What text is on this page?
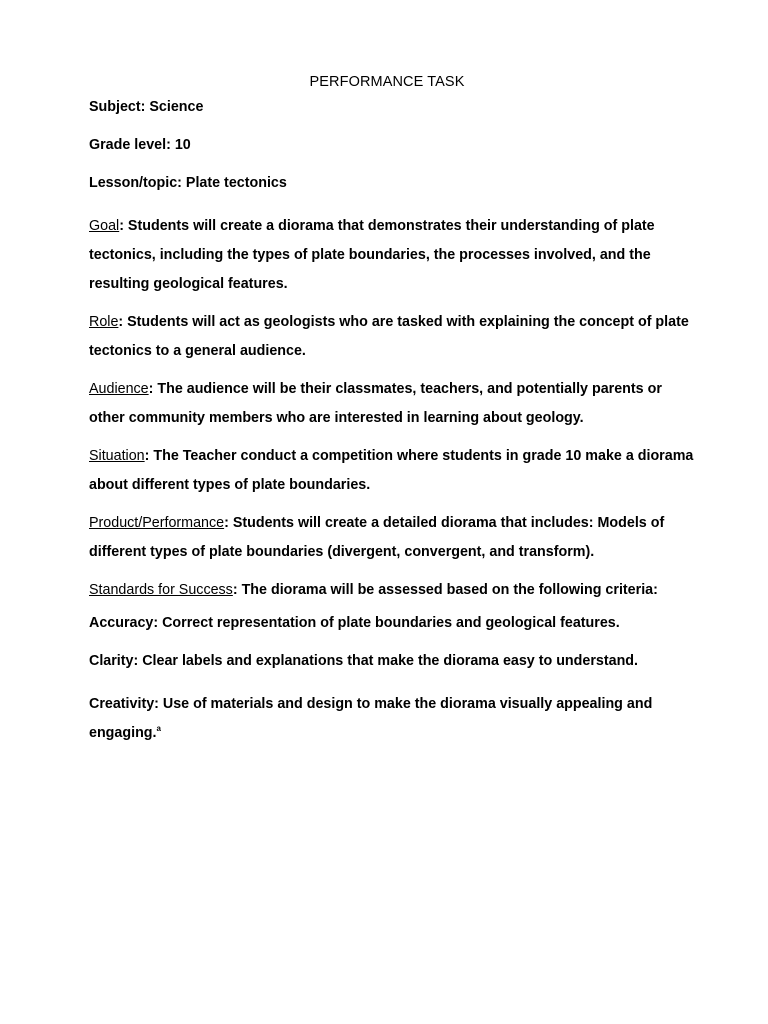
PERFORMANCE TASK
Subject: Science
Grade level: 10
Lesson/topic: Plate tectonics
Goal: Students will create a diorama that demonstrates their understanding of plate tectonics, including the types of plate boundaries, the processes involved, and the resulting geological features.
Role: Students will act as geologists who are tasked with explaining the concept of plate tectonics to a general audience.
Audience: The audience will be their classmates, teachers, and potentially parents or other community members who are interested in learning about geology.
Situation: The Teacher conduct a competition where students in grade 10 make a diorama about different types of plate boundaries.
Product/Performance: Students will create a detailed diorama that includes: Models of different types of plate boundaries (divergent, convergent, and transform).
Standards for Success: The diorama will be assessed based on the following criteria:
Accuracy: Correct representation of plate boundaries and geological features.
Clarity: Clear labels and explanations that make the diorama easy to understand.
Creativity: Use of materials and design to make the diorama visually appealing and engaging.$^a$
